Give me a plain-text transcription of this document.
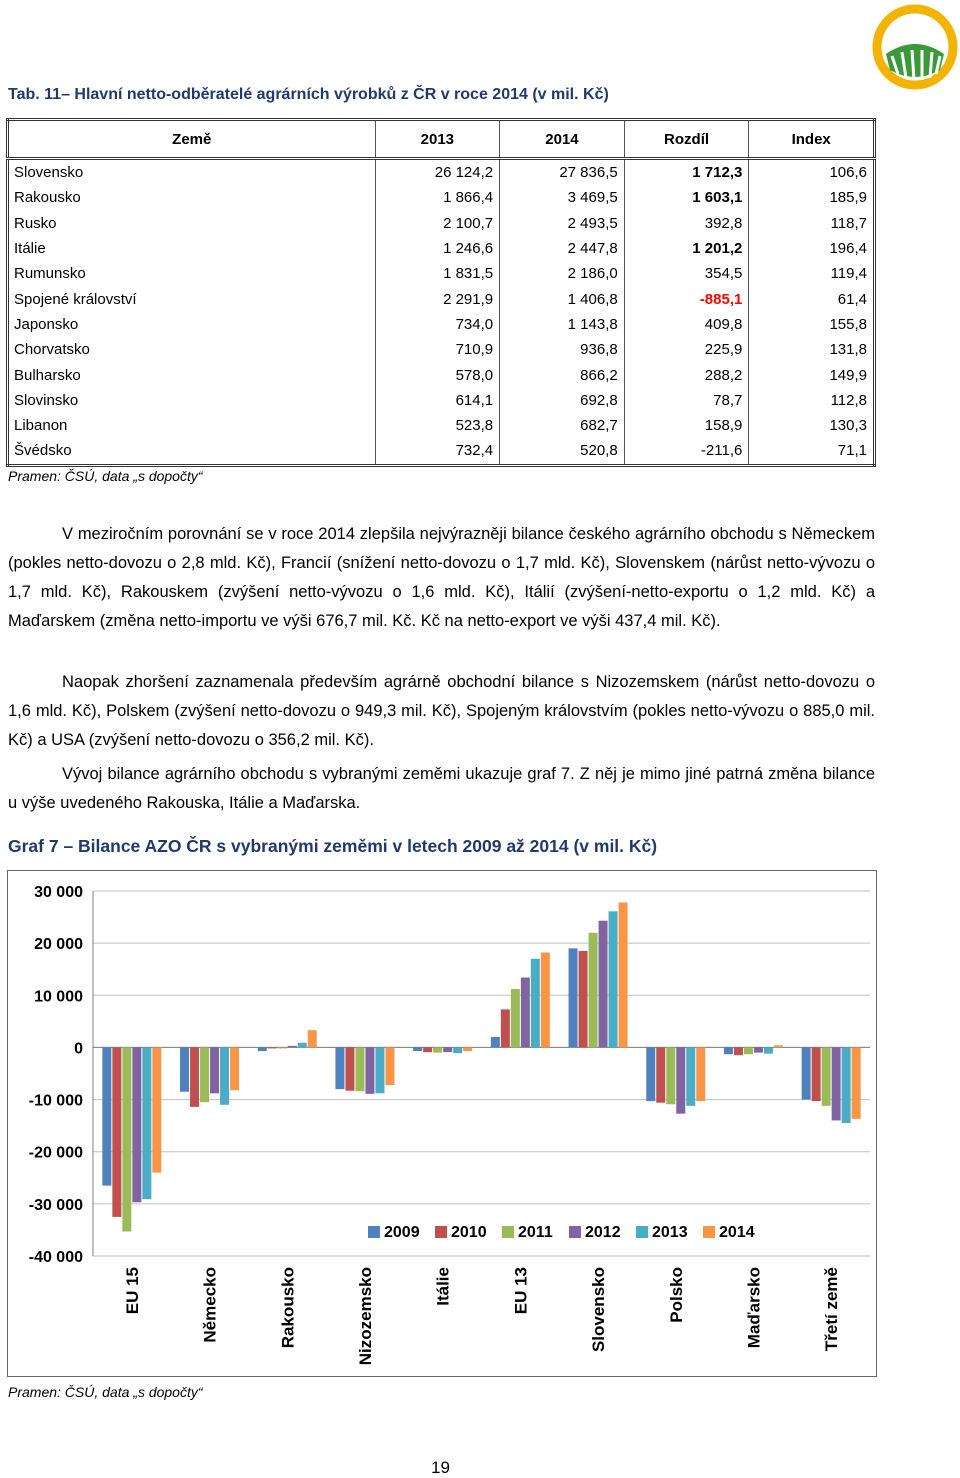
Tab. 11– Hlavní netto-odběratelé agrárních výrobků z ČR v roce 2014 (v mil. Kč)
Země	2013	2014	Rozdíl	Index
Slovensko	26 124,2	27 836,5	1 712,3	106,6
Rakousko	1 866,4	3 469,5	1 603,1	185,9
Rusko	2 100,7	2 493,5	392,8	118,7
Itálie	1 246,6	2 447,8	1 201,2	196,4
Rumunsko	1 831,5	2 186,0	354,5	119,4
Spojené království	2 291,9	1 406,8	-885,1	61,4
Japonsko	734,0	1 143,8	409,8	155,8
Chorvatsko	710,9	936,8	225,9	131,8
Bulharsko	578,0	866,2	288,2	149,9
Slovinsko	614,1	692,8	78,7	112,8
Libanon	523,8	682,7	158,9	130,3
Švédsko	732,4	520,8	-211,6	71,1
Pramen: ČSÚ, data „s dopočty“
V meziročním porovnání se v roce 2014 zlepšila nejvýrazněji bilance českého agrárního obchodu s Německem (pokles netto-dovozu o 2,8 mld. Kč), Francií (snížení netto-dovozu o 1,7 mld. Kč), Slovenskem (nárůst netto-vývozu o 1,7 mld. Kč), Rakouskem (zvýšení netto-vývozu o 1,6 mld. Kč), Itálií (zvýšení-netto-exportu o 1,2 mld. Kč) a Maďarskem (změna netto-importu ve výši 676,7 mil. Kč. Kč na netto-export ve výši 437,4 mil. Kč).
Naopak zhoršení zaznamenala především agrárně obchodní bilance s Nizozemskem (nárůst netto-dovozu o 1,6 mld. Kč), Polskem (zvýšení netto-dovozu o 949,3 mil. Kč), Spojeným královstvím (pokles netto-vývozu o 885,0 mil. Kč) a USA (zvýšení netto-dovozu o 356,2 mil. Kč).
Vývoj bilance agrárního obchodu s vybranými zeměmi ukazuje graf 7. Z něj je mimo jiné patrná změna bilance u výše uvedeného Rakouska, Itálie a Maďarska.
Graf 7 – Bilance AZO ČR s vybranými zeměmi v letech 2009 až 2014 (v mil. Kč)
30 000
20 000
10 000
0
-10 000
-20 000
-30 000
-40 000
EU 15	Německo	Rakousko	Nizozemsko	Itálie	EU 13	Slovensko	Polsko	Maďarsko	Třetí země
2009 2010 2011 2012 2013 2014
Pramen: ČSÚ, data „s dopočty“
19
